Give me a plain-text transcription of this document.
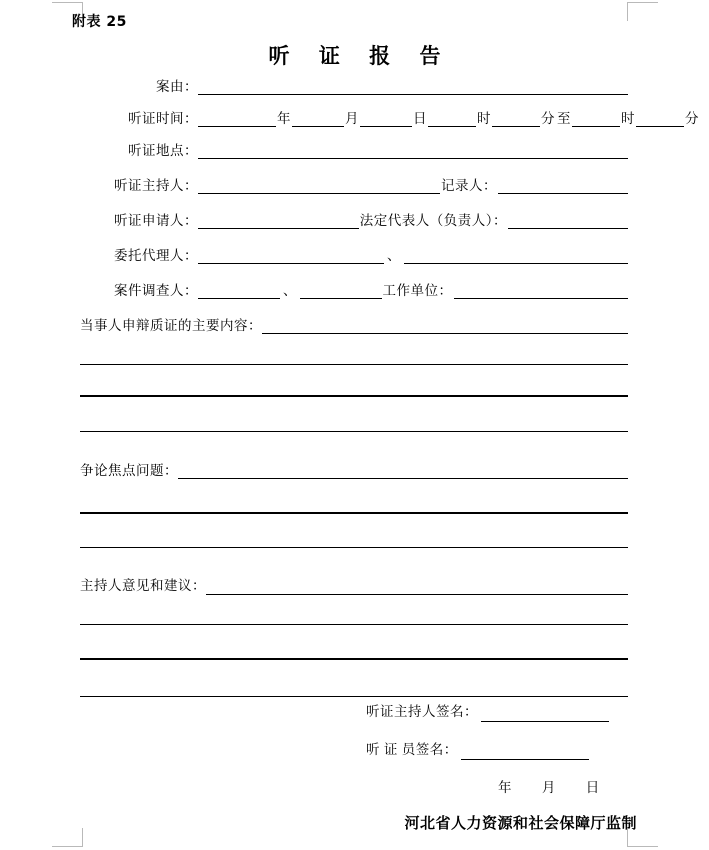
附表 25
听 证 报 告
案由：
听证时间：	年	月	日	时	分 至	时	分
听证地点：
听证主持人：	记录人：
听证申请人：	法定代表人（负责人）：
委托代理人：	、
案件调查人：	、	工作单位：
当事人申辩质证的主要内容：
争论焦点问题：
主持人意见和建议：
听证主持人签名：
听 证 员签名：
年 月 日
河北省人力资源和社会保障厅监制
